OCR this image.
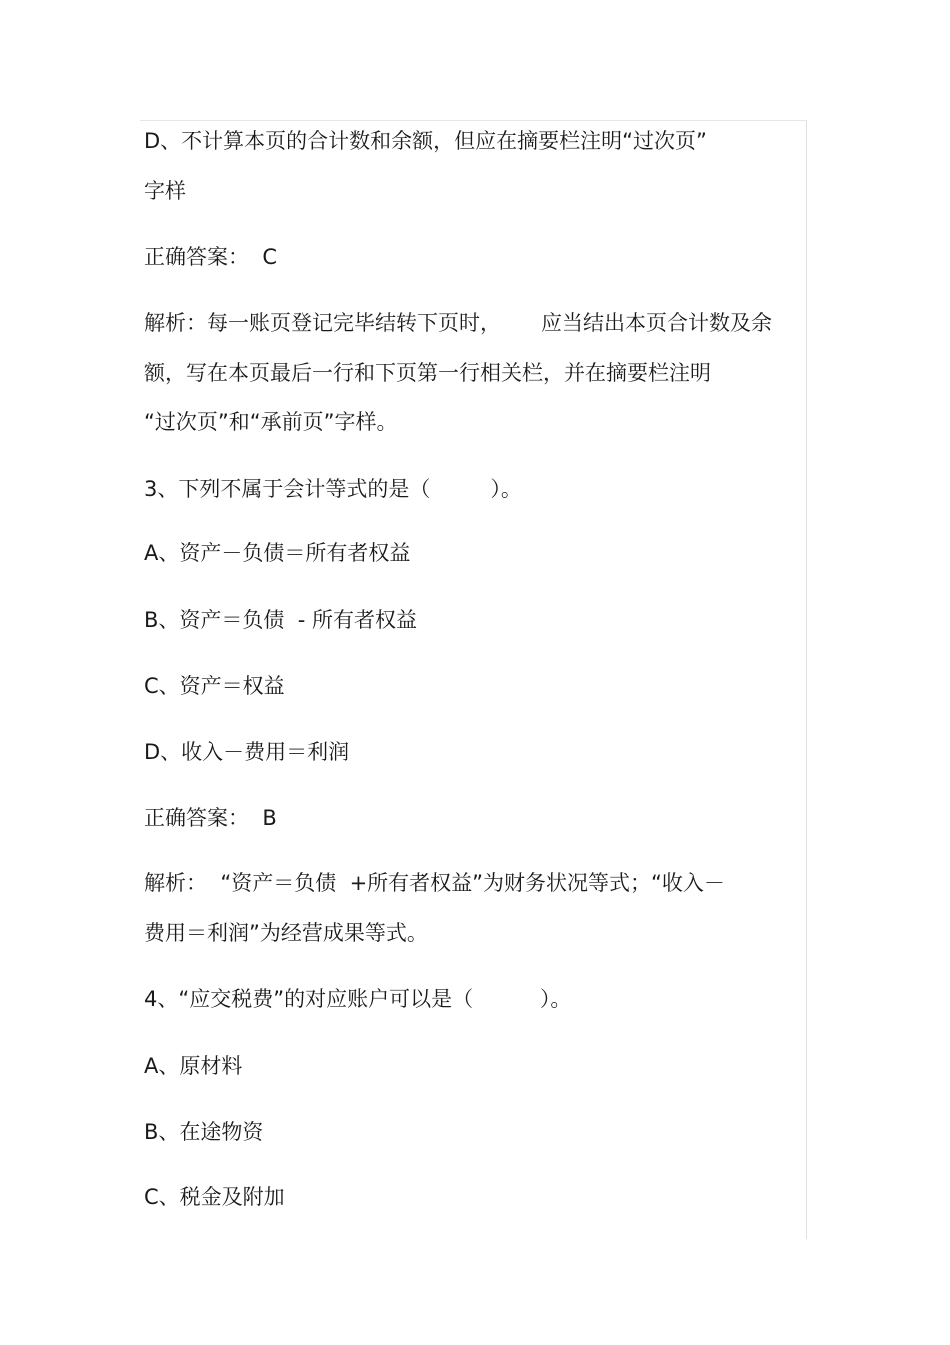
D、不计算本页的合计数和余额，但应在摘要栏注明“过次页”
字样
正确答案：  C
解析：每一账页登记完毕结转下页时，      应当结出本页合计数及余
额，写在本页最后一行和下页第一行相关栏，并在摘要栏注明
“过次页”和“承前页”字样。
3、下列不属于会计等式的是（         ）。
A、资产－负债＝所有者权益
B、资产＝负债  - 所有者权益
C、资产＝权益
D、收入－费用＝利润
正确答案：  B
解析：  “资产＝负债  +所有者权益”为财务状况等式；“收入－
费用＝利润”为经营成果等式。
4、“应交税费”的对应账户可以是（          ）。
A、原材料
B、在途物资
C、税金及附加
